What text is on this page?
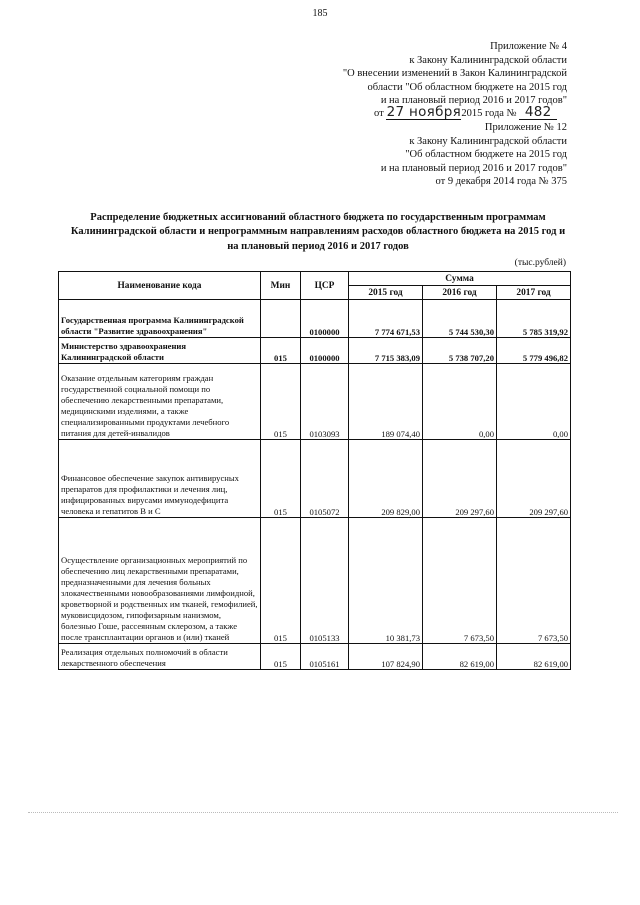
185
Приложение № 4
к Закону Калининградской области
"О внесении изменений в Закон Калининградской
области "Об областном бюджете на 2015 год
и на плановый период 2016 и 2017 годов"
от 27 ноября2015 года № 482
Приложение № 12
к Закону Калининградской области
"Об областном бюджете на 2015 год
и на плановый период 2016 и 2017 годов"
от 9 декабря 2014 года № 375
Распределение бюджетных ассигнований областного бюджета по государственным программам Калининградской области и непрограммным направлениям расходов областного бюджета на 2015 год и на плановый период 2016 и 2017 годов
(тыс.рублей)
Наименование кода	Мин	ЦСР	Сумма		
			2015 год	2016 год	2017 год
Государственная программа Калининградской области "Развитие здравоохранения"		0100000	7 774 671,53	5 744 530,30	5 785 319,92
Министерство здравоохранения Калининградской области	015	0100000	7 715 383,09	5 738 707,20	5 779 496,82
Оказание отдельным категориям граждан государственной социальной помощи по обеспечению лекарственными препаратами, медицинскими изделиями, а также специализированными продуктами лечебного питания для детей-инвалидов	015	0103093	189 074,40	0,00	0,00
Финансовое обеспечение закупок антивирусных препаратов для профилактики и лечения лиц, инфицированных вирусами иммунодефицита человека и гепатитов В и С	015	0105072	209 829,00	209 297,60	209 297,60
Осуществление организационных мероприятий по обеспечению лиц лекарственными препаратами, предназначенными для лечения больных злокачественными новообразованиями лимфоидной, кроветворной и родственных им тканей, гемофилией, муковисцидозом, гипофизарным нанизмом, болезнью Гоше, рассеянным склерозом, а также после трансплантации органов и (или) тканей	015	0105133	10 381,73	7 673,50	7 673,50
Реализация отдельных полномочий в области лекарственного обеспечения	015	0105161	107 824,90	82 619,00	82 619,00
